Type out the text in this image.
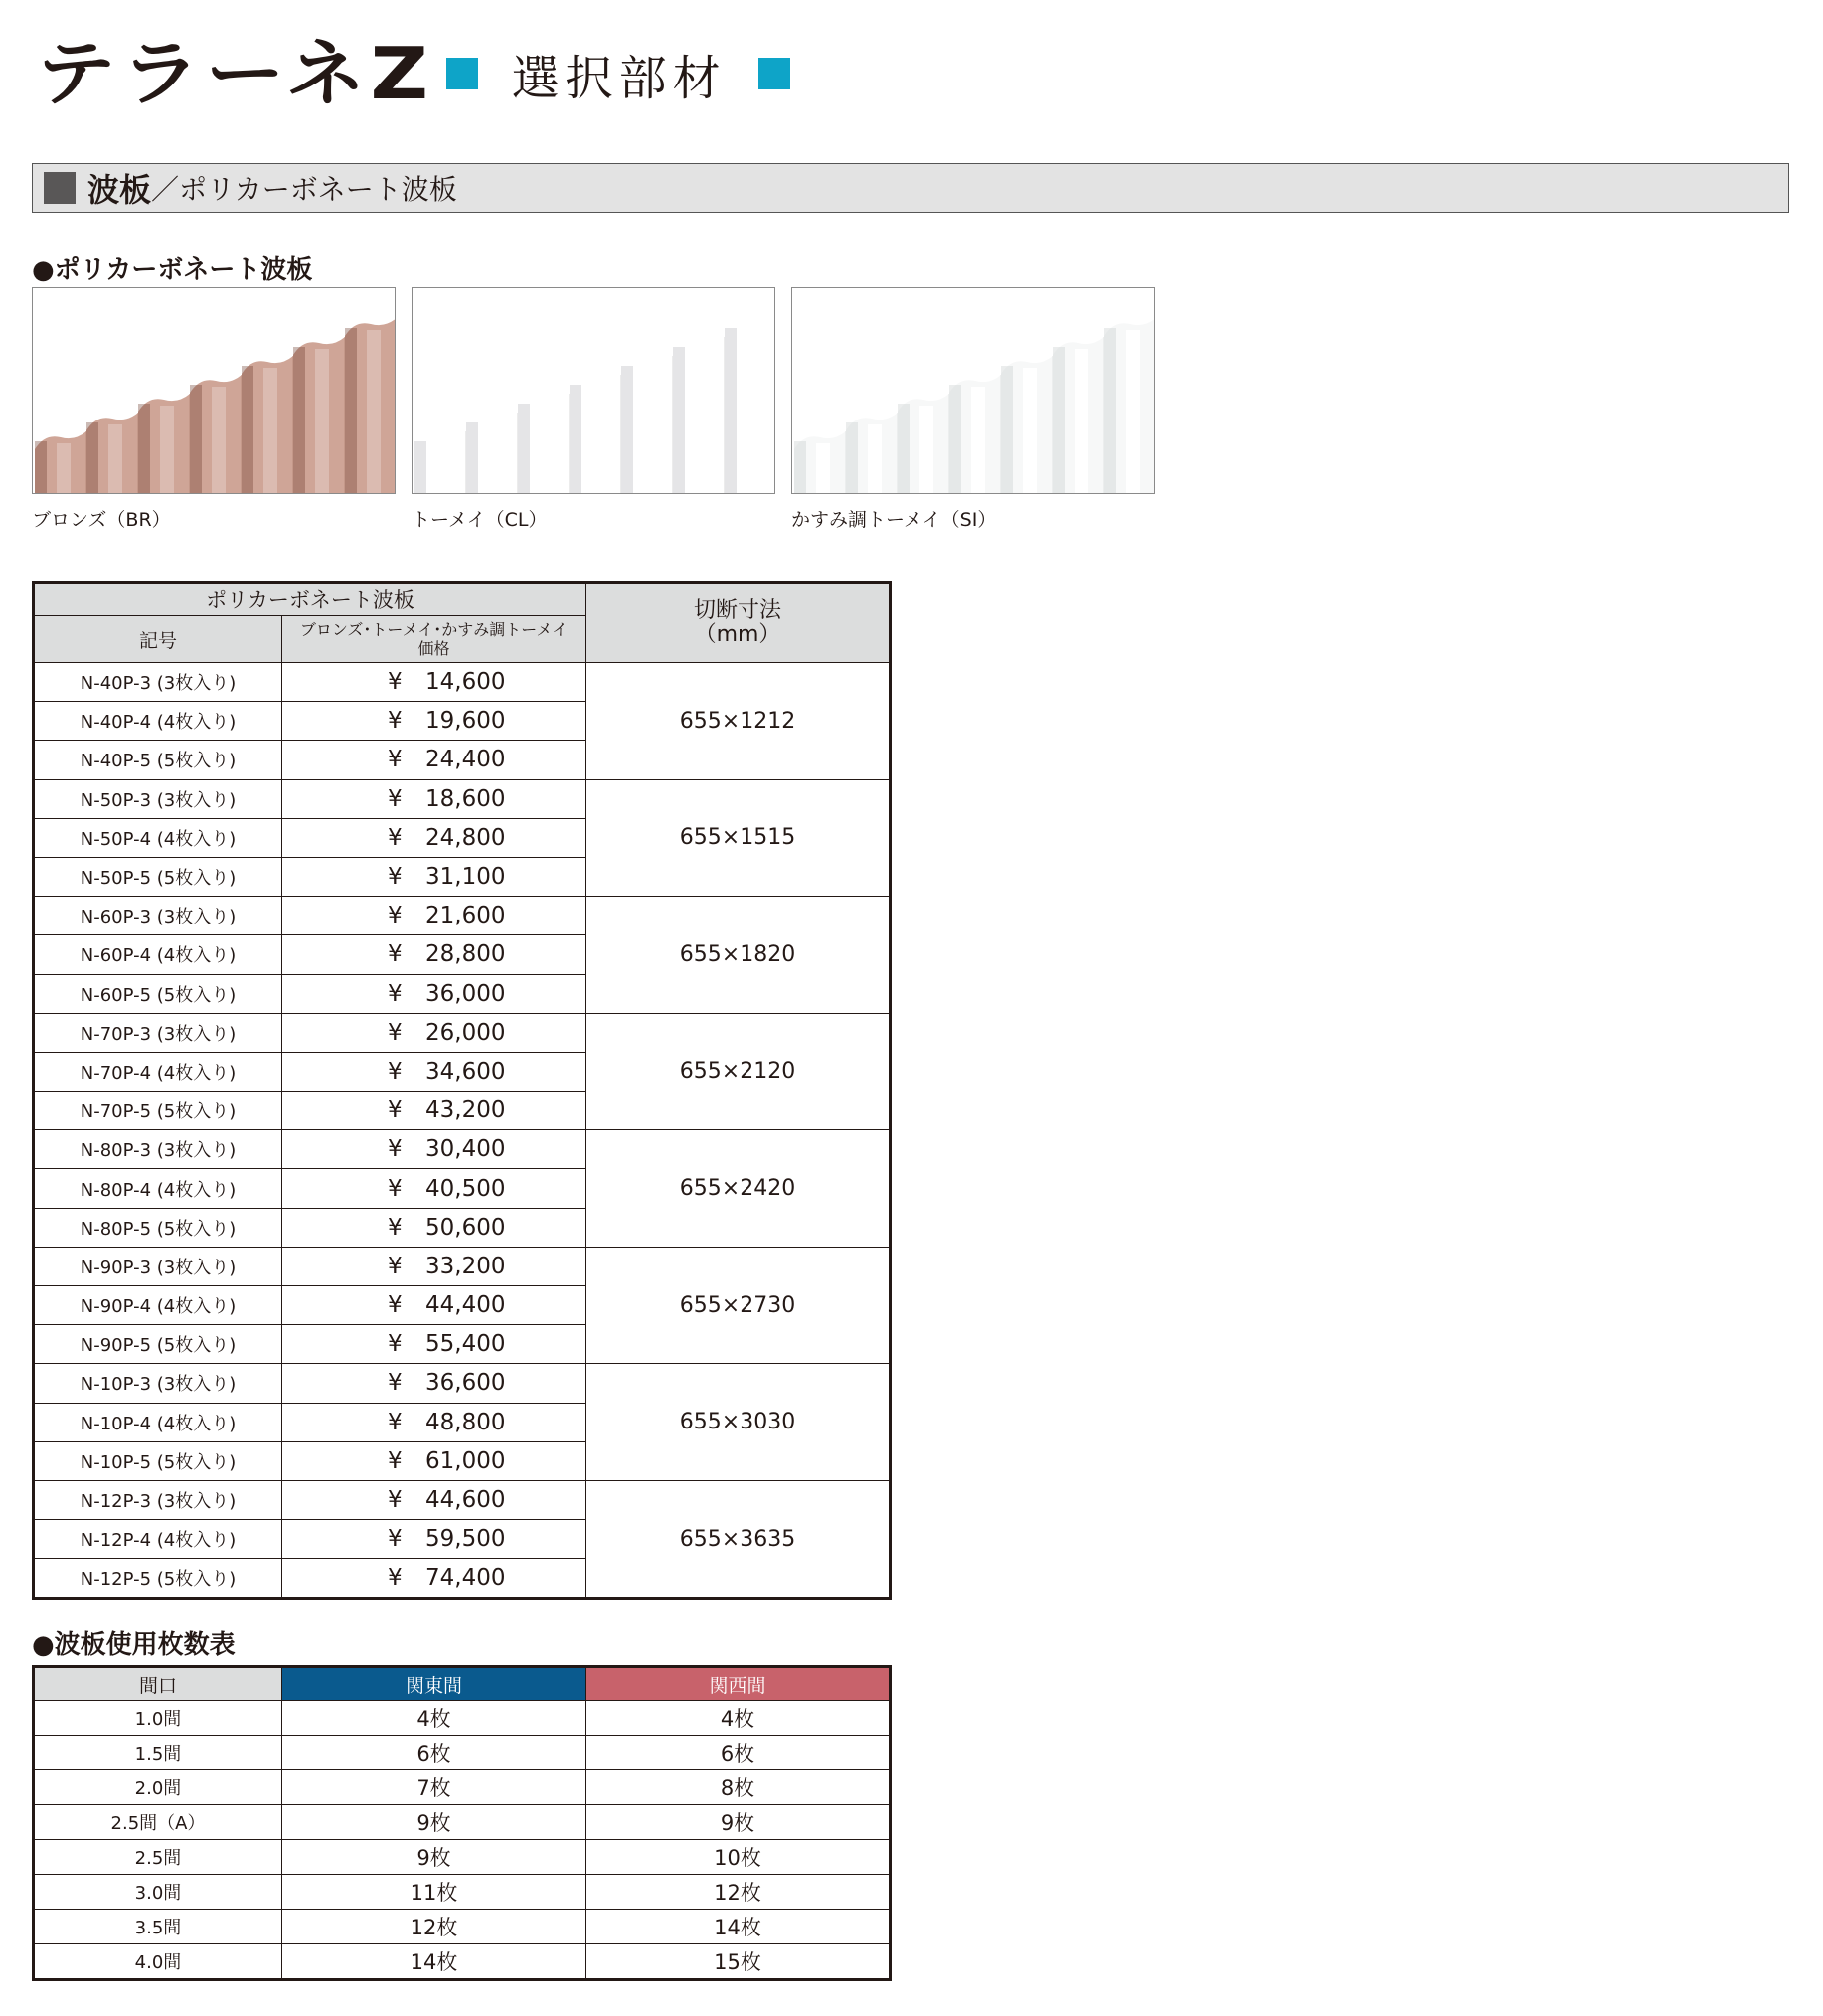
テラーネZ 選択部材
波板 ／ポリカーボネート波板
●ポリカーボネート波板
ブロンズ（BR）	トーメイ（CL）	かすみ調トーメイ（SI）
ポリカーボネート波板		切断寸法
（mm）
記号	ブロンズ･トーメイ･かすみ調トーメイ
価格	
N-40P-3 (3枚入り)	¥ 14,600	655×1212
N-40P-4 (4枚入り)	¥ 19,600	
N-40P-5 (5枚入り)	¥ 24,400	
N-50P-3 (3枚入り)	¥ 18,600	655×1515
N-50P-4 (4枚入り)	¥ 24,800	
N-50P-5 (5枚入り)	¥ 31,100	
N-60P-3 (3枚入り)	¥ 21,600	655×1820
N-60P-4 (4枚入り)	¥ 28,800	
N-60P-5 (5枚入り)	¥ 36,000	
N-70P-3 (3枚入り)	¥ 26,000	655×2120
N-70P-4 (4枚入り)	¥ 34,600	
N-70P-5 (5枚入り)	¥ 43,200	
N-80P-3 (3枚入り)	¥ 30,400	655×2420
N-80P-4 (4枚入り)	¥ 40,500	
N-80P-5 (5枚入り)	¥ 50,600	
N-90P-3 (3枚入り)	¥ 33,200	655×2730
N-90P-4 (4枚入り)	¥ 44,400	
N-90P-5 (5枚入り)	¥ 55,400	
N-10P-3 (3枚入り)	¥ 36,600	655×3030
N-10P-4 (4枚入り)	¥ 48,800	
N-10P-5 (5枚入り)	¥ 61,000	
N-12P-3 (3枚入り)	¥ 44,600	655×3635
N-12P-4 (4枚入り)	¥ 59,500	
N-12P-5 (5枚入り)	¥ 74,400	
●波板使用枚数表
間口	関東間	関西間
1.0間	4枚	4枚
1.5間	6枚	6枚
2.0間	7枚	8枚
2.5間（A）	9枚	9枚
2.5間	9枚	10枚
3.0間	11枚	12枚
3.5間	12枚	14枚
4.0間	14枚	15枚
